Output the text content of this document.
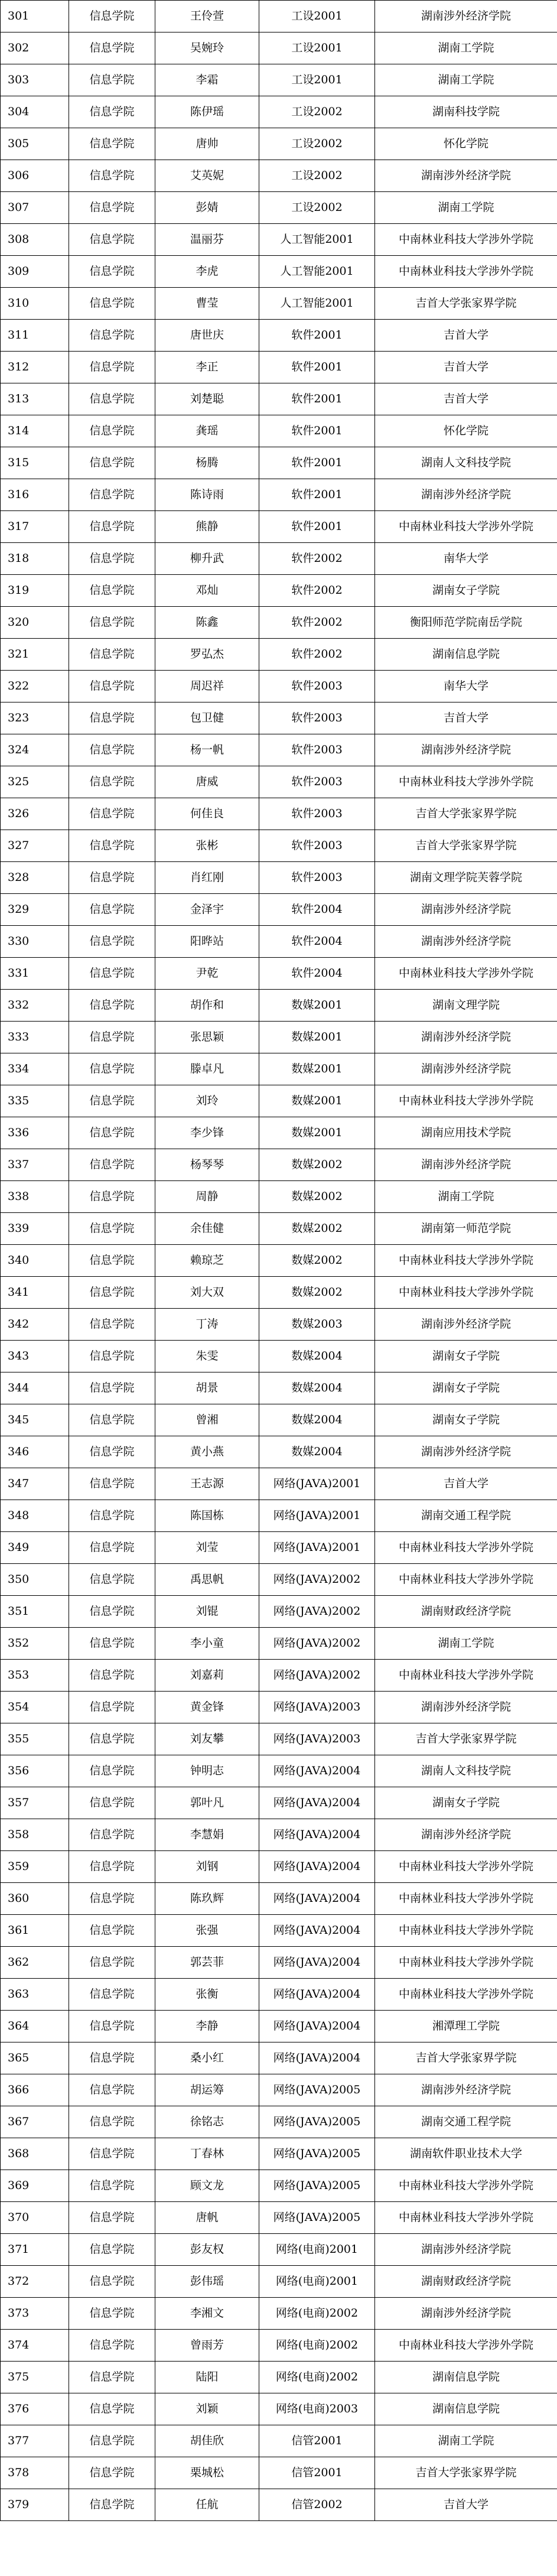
301	信息学院	王伶萱	工设2001	湖南涉外经济学院
302	信息学院	吴婉玲	工设2001	湖南工学院
303	信息学院	李霜	工设2001	湖南工学院
304	信息学院	陈伊瑶	工设2002	湖南科技学院
305	信息学院	唐帅	工设2002	怀化学院
306	信息学院	艾英妮	工设2002	湖南涉外经济学院
307	信息学院	彭婧	工设2002	湖南工学院
308	信息学院	温丽芬	人工智能2001	中南林业科技大学涉外学院
309	信息学院	李虎	人工智能2001	中南林业科技大学涉外学院
310	信息学院	曹莹	人工智能2001	吉首大学张家界学院
311	信息学院	唐世庆	软件2001	吉首大学
312	信息学院	李正	软件2001	吉首大学
313	信息学院	刘楚聪	软件2001	吉首大学
314	信息学院	龚瑶	软件2001	怀化学院
315	信息学院	杨腾	软件2001	湖南人文科技学院
316	信息学院	陈诗雨	软件2001	湖南涉外经济学院
317	信息学院	熊静	软件2001	中南林业科技大学涉外学院
318	信息学院	柳升武	软件2002	南华大学
319	信息学院	邓灿	软件2002	湖南女子学院
320	信息学院	陈鑫	软件2002	衡阳师范学院南岳学院
321	信息学院	罗弘杰	软件2002	湖南信息学院
322	信息学院	周迟祥	软件2003	南华大学
323	信息学院	包卫健	软件2003	吉首大学
324	信息学院	杨一帆	软件2003	湖南涉外经济学院
325	信息学院	唐威	软件2003	中南林业科技大学涉外学院
326	信息学院	何佳良	软件2003	吉首大学张家界学院
327	信息学院	张彬	软件2003	吉首大学张家界学院
328	信息学院	肖红刚	软件2003	湖南文理学院芙蓉学院
329	信息学院	金泽宇	软件2004	湖南涉外经济学院
330	信息学院	阳晔站	软件2004	湖南涉外经济学院
331	信息学院	尹乾	软件2004	中南林业科技大学涉外学院
332	信息学院	胡作和	数媒2001	湖南文理学院
333	信息学院	张思颖	数媒2001	湖南涉外经济学院
334	信息学院	滕卓凡	数媒2001	湖南涉外经济学院
335	信息学院	刘玲	数媒2001	中南林业科技大学涉外学院
336	信息学院	李少锋	数媒2001	湖南应用技术学院
337	信息学院	杨琴琴	数媒2002	湖南涉外经济学院
338	信息学院	周静	数媒2002	湖南工学院
339	信息学院	余佳健	数媒2002	湖南第一师范学院
340	信息学院	赖琼芝	数媒2002	中南林业科技大学涉外学院
341	信息学院	刘大双	数媒2002	中南林业科技大学涉外学院
342	信息学院	丁涛	数媒2003	湖南涉外经济学院
343	信息学院	朱雯	数媒2004	湖南女子学院
344	信息学院	胡景	数媒2004	湖南女子学院
345	信息学院	曾湘	数媒2004	湖南女子学院
346	信息学院	黄小燕	数媒2004	湖南涉外经济学院
347	信息学院	王志源	网络(JAVA)2001	吉首大学
348	信息学院	陈国栋	网络(JAVA)2001	湖南交通工程学院
349	信息学院	刘莹	网络(JAVA)2001	中南林业科技大学涉外学院
350	信息学院	禹思帆	网络(JAVA)2002	中南林业科技大学涉外学院
351	信息学院	刘锟	网络(JAVA)2002	湖南财政经济学院
352	信息学院	李小童	网络(JAVA)2002	湖南工学院
353	信息学院	刘嘉莉	网络(JAVA)2002	中南林业科技大学涉外学院
354	信息学院	黄金锋	网络(JAVA)2003	湖南涉外经济学院
355	信息学院	刘友攀	网络(JAVA)2003	吉首大学张家界学院
356	信息学院	钟明志	网络(JAVA)2004	湖南人文科技学院
357	信息学院	郭叶凡	网络(JAVA)2004	湖南女子学院
358	信息学院	李慧娟	网络(JAVA)2004	湖南涉外经济学院
359	信息学院	刘钢	网络(JAVA)2004	中南林业科技大学涉外学院
360	信息学院	陈玖辉	网络(JAVA)2004	中南林业科技大学涉外学院
361	信息学院	张强	网络(JAVA)2004	中南林业科技大学涉外学院
362	信息学院	郭芸菲	网络(JAVA)2004	中南林业科技大学涉外学院
363	信息学院	张衡	网络(JAVA)2004	中南林业科技大学涉外学院
364	信息学院	李静	网络(JAVA)2004	湘潭理工学院
365	信息学院	桑小红	网络(JAVA)2004	吉首大学张家界学院
366	信息学院	胡运筹	网络(JAVA)2005	湖南涉外经济学院
367	信息学院	徐铭志	网络(JAVA)2005	湖南交通工程学院
368	信息学院	丁春林	网络(JAVA)2005	湖南软件职业技术大学
369	信息学院	顾文龙	网络(JAVA)2005	中南林业科技大学涉外学院
370	信息学院	唐帆	网络(JAVA)2005	中南林业科技大学涉外学院
371	信息学院	彭友权	网络(电商)2001	湖南涉外经济学院
372	信息学院	彭伟瑶	网络(电商)2001	湖南财政经济学院
373	信息学院	李湘文	网络(电商)2002	湖南涉外经济学院
374	信息学院	曾雨芳	网络(电商)2002	中南林业科技大学涉外学院
375	信息学院	陆阳	网络(电商)2002	湖南信息学院
376	信息学院	刘颖	网络(电商)2003	湖南信息学院
377	信息学院	胡佳欣	信管2001	湖南工学院
378	信息学院	栗城松	信管2001	吉首大学张家界学院
379	信息学院	任航	信管2002	吉首大学
